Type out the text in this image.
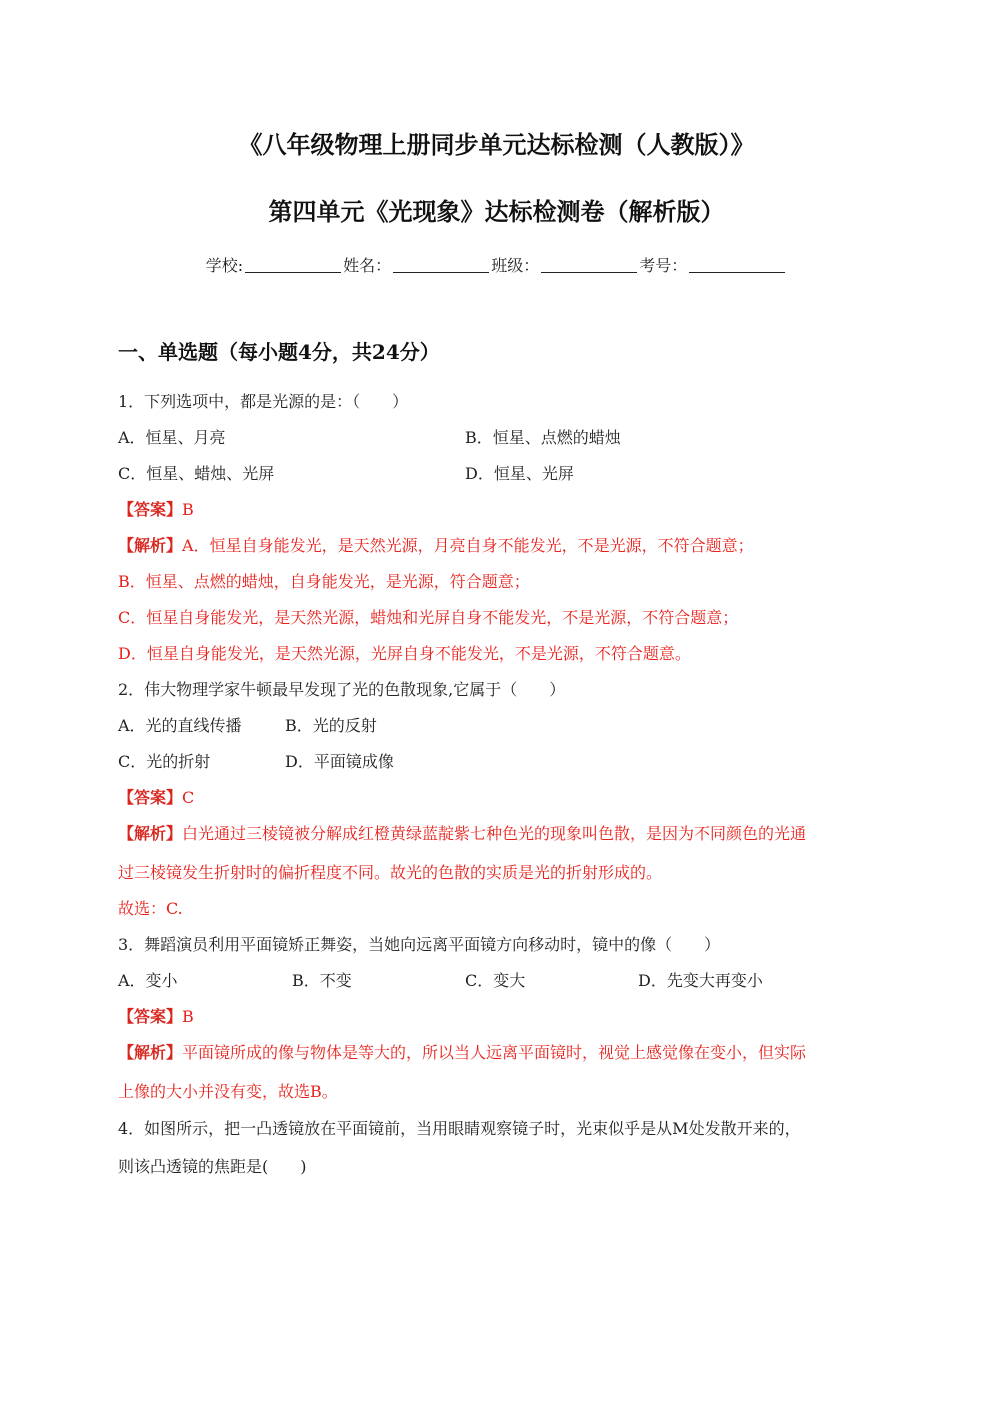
《八年级物理上册同步单元达标检测（人教版）》
第四单元《光现象》达标检测卷（解析版）
学校:	姓名：	班级：	考号：
一、单选题（每小题4分，共24分）
1．下列选项中，都是光源的是：（　　）
A．恒星、月亮	B．恒星、点燃的蜡烛
C．恒星、蜡烛、光屏	D．恒星、光屏
【答案】B
【解析】A．恒星自身能发光，是天然光源，月亮自身不能发光，不是光源，不符合题意；
B．恒星、点燃的蜡烛，自身能发光，是光源，符合题意；
C．恒星自身能发光，是天然光源，蜡烛和光屏自身不能发光，不是光源，不符合题意；
D．恒星自身能发光，是天然光源，光屏自身不能发光，不是光源，不符合题意。
2．伟大物理学家牛顿最早发现了光的色散现象,它属于（　　）
A．光的直线传播	B．光的反射
C．光的折射	D．平面镜成像
【答案】C
【解析】白光通过三棱镜被分解成红橙黄绿蓝靛紫七种色光的现象叫色散，是因为不同颜色的光通
过三棱镜发生折射时的偏折程度不同。故光的色散的实质是光的折射形成的。
故选：C.
3．舞蹈演员利用平面镜矫正舞姿，当她向远离平面镜方向移动时，镜中的像（　　）
A．变小	B．不变	C．变大	D．先变大再变小
【答案】B
【解析】平面镜所成的像与物体是等大的，所以当人远离平面镜时，视觉上感觉像在变小，但实际
上像的大小并没有变，故选B。
4．如图所示，把一凸透镜放在平面镜前，当用眼睛观察镜子时，光束似乎是从M处发散开来的，
则该凸透镜的焦距是(　　)
